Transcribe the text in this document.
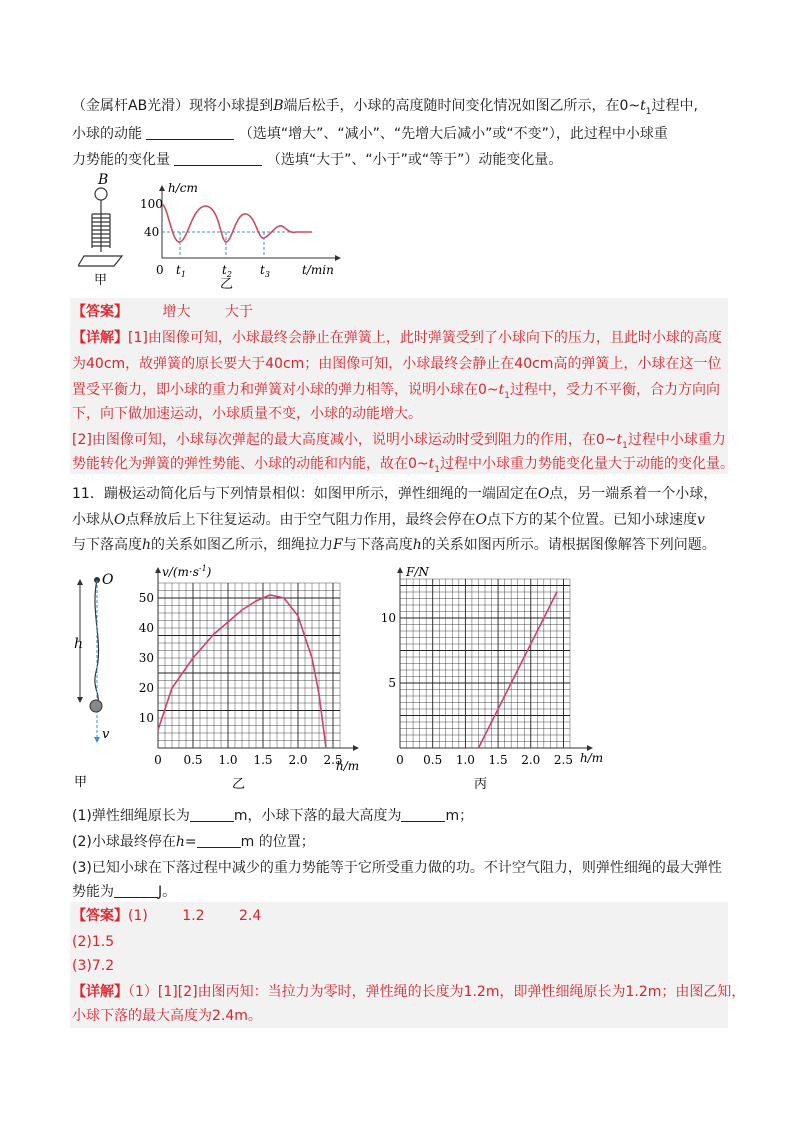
（金属杆AB光滑）现将小球提到B端后松手，小球的高度随时间变化情况如图乙所示，在$0\sim t_1$过程中,
小球的动能	（选填“增大”、“减小”、“先增大后减小”或“不变”），此过程中小球重
力势能的变化量	（选填“大于”、“小于”或“等于”）动能变化量。
B
甲
h/cm
100
40
0 $t_1$	$t_2$ $t_3$	t/min
乙
【答案】 增大 大于
【详解】[1]由图像可知，小球最终会静止在弹簧上，此时弹簧受到了小球向下的压力，且此时小球的高度
为40cm，故弹簧的原长要大于40cm；由图像可知，小球最终会静止在40cm高的弹簧上，小球在这一位
置受平衡力，即小球的重力和弹簧对小球的弹力相等，说明小球在$0\sim t_1$过程中，受力不平衡，合力方向向
下，向下做加速运动，小球质量不变，小球的动能增大。
[2]由图像可知，小球每次弹起的最大高度减小，说明小球运动时受到阻力的作用，在$0\sim t_1$过程中小球重力
势能转化为弹簧的弹性势能、小球的动能和内能，故在$0\sim t_1$过程中小球重力势能变化量大于动能的变化量。
11．蹦极运动简化后与下列情景相似：如图甲所示，弹性细绳的一端固定在O点，另一端系着一个小球，
小球从O点释放后上下往复运动。由于空气阻力作用，最终会停在O点下方的某个位置。已知小球速度v
与下落高度h的关系如图乙所示，细绳拉力F与下落高度h的关系如图丙所示。请根据图像解答下列问题。
h
O
v
甲
$v/(m\cdot s^{-1})$
10
20
30
40
50
0 0.5 1.0 1.5 2.0 2.5
h/m
乙
F/N
5
10
0 0.5 1.0 1.5 2.0 2.5 h/m
丙
(1)弹性细绳原长为	m，小球下落的最大高度为	m；
(2)小球最终停在h=	m 的位置；
(3)已知小球在下落过程中减少的重力势能等于它所受重力做的功。不计空气阻力，则弹性细绳的最大弹性
势能为	J。
【答案】(1) 1.2 2.4
(2)1.5
(3)7.2
【详解】（1）[1][2]由图丙知：当拉力为零时，弹性绳的长度为1.2m，即弹性细绳原长为1.2m；由图乙知，
小球下落的最大高度为2.4m。
